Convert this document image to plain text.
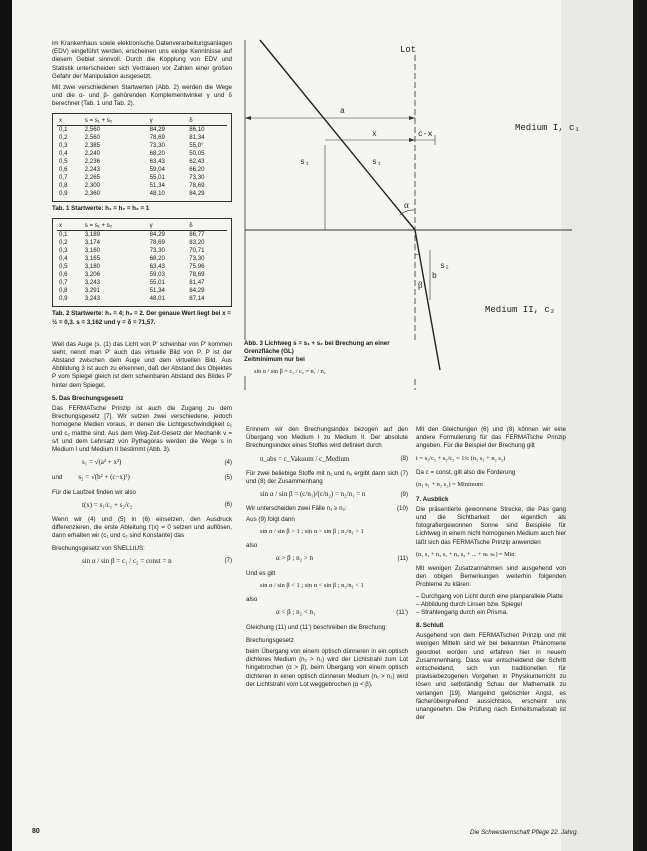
im Krankenhaus sowie elektronische Datenverarbeitungsanlagen (EDV) eingeführt werden, erscheinen uns einige Kenntnisse auf diesem Gebiet sinnvoll. Durch die Kopplung von EDV und Statistik unterscheiden sich Vertrauen vor Zahlen einer großen Gefahr der Manipulation ausgesetzt.

Mit zwei verschiedenen Startwerten (Abb. 2) werden die Wege und die α- und β- gehörenden Komplementwinkel γ und δ berechnet (Tab. 1 und Tab. 2).

x	s = s₁ + s₂	γ	δ
0,1	2,560	84,29	86,10
0,2	2,560	78,69	81,34
0,3	2,385	73,30	55,0°
0,4	2,240	68,20	50,05
0,5	2,236	63,43	62,43
0,6	2,243	59,04	66,20
0,7	2,265	55,01	73,30
0,8	2,300	51,34	78,69
0,9	2,360	48,10	84,29
Tab. 1 Startwerte: h₁ = h₂ = h₃ = 1
x	s = s₁ + s₂	γ	δ
0,1	3,189	84,29	86,77
0,2	3,174	78,69	83,20
0,3	3,160	73,30	70,71
0,4	3,165	68,20	73,30
0,5	3,180	63,43	75,96
0,6	3,206	59,03	78,69
0,7	3,243	55,01	81,47
0,8	3,291	51,34	84,29
0,9	3,243	48,01	87,14
Tab. 2 Startwerte: h₁ = 4; h₂ = 2. Der genaue Wert liegt bei x = ½ = 0,3. s = 3,162 und γ = δ = 71,57.

Weil das Auge (s. (1) das Licht von P' scheinbar von P' kommen sieht, nennt man P' auch das virtuelle Bild von P. P ist der Abstand zwischen dem Auge und dem virtuellen Bild. Aus Abbildung 3 ist auch zu erkennen, daß der Abstand des Objektes P vom Spiegel gleich ist dem scheinbaren Abstand des Bildes P' hinter dem Spiegel.

5. Das Brechungsgesetz

Das FERMATsche Prinzip ist auch die Zugang zu dem Brechungsgesetz [7]. Wir setzen zwei verschiedene, jedoch homogene Medien voraus, in denen die Lichtgeschwindigkeit c₁ und c₂ matthe sind. Aus dem Weg-Zeit-Gesetz der Mechanik v = s/t und dem Lehrsatz von Pythagoras werden die Wege s in Medium I und Medium II bestimmt (Abb. 3).

s₁ = √(a² + x²)	(4)
und s₂ = √(b² + (c−x)²)	(5)

Für die Laufzeit finden wir also

t(x) = s₁/c₁ + s₂/c₂	(6)

Wenn wir (4) und (5) in (6) einsetzen, den Ausdruck differenzieren, die erste Ableitung t'(x) = 0 setzen und auflösen, dann erhalten wir (c₁ und c₂ sind Konstante) das

Brechungsgesetz von SNELLIUS:

sin α / sin β = c₁ / c₂ = const = n	(7)
Lot
a
x	c-x
Medium I, c₁
Medium II, c₂
s₁	s₁
s₂
α
β
b
Abb. 3 Lichtweg s = s₁ + s₂ bei Brechung an einer Grenzfläche (GL)
Zeitminimum nur bei
sin α / sin β = c₁ / c₂ = n₁ / n₂

Erinnern wir den Brechungsindex bezogen auf den Übergang von Medium I zu Medium II. Der absolute Brechungsindex eines Stoffes wird definiert durch

n_abs = c_Vakuum / c_Medium	(8)

Für zwei beliebige Stoffe mit n₁ und n₂ ergibt dann sich (7) und (8) der Zusammenhang

sin α / sin β = (c/n₁)/(c/n₂) = n₂/n₁ = n	(9)
Wir unterscheiden zwei Fälle n₁ ≥ n₂:	(10)

Aus (9) folgt dann

sin α / sin β > 1 ; sin α > sin β ; n₂/n₁ > 1

also

α > β ; n₂ > n	(11)

Und es gilt

sin α / sin β < 1 ; sin α < sin β ; n₂/n₁ < 1

also

α < β ; n₂ < n₁	(11')

Gleichung (11) und (11') beschreiben die Brechung:

Brechungsgesetz

beim Übergang von einem optisch dünneren in ein optisch dichteres Medium (n₂ > n₁) wird der Lichtstrahl zum Lot hingebrochen (α > β), beim Übergang von einem optisch dichteren in einen optisch dünneren Medium (n₁ > n₂) wird der Lichtstrahl vom Lot weggebrochen (α < β).

Mit den Gleichungen (6) und (8) können wir eine andere Formulierung für das FERMATsche Prinzip angeben. Für die Beispiel der Brechung gilt

t = s₁/c₁ + s₂/c₂ = 1/c (n₁ s₁ + n₂ s₂)

Da c = const, gilt also die Forderung

(n₁ s₁ + n₂ s₂) = Minimum
7. Ausblick

Die präsentierte gewonnene Strecke, die Pas gang und die Sichtbarkeit der eigentlich als fotografiergewonnen Sonne sind Beispiele für Lichtweg in einem nicht homogenen Medium auch hier läßt sich das FERMATsche Prinzip anwenden

(n₁ s₁ + n₂ s₂ + n₃ s₃ + ... + nₖ sₖ) = Min.

Mit wenigen Zusatzannahmen sind ausgehend von den obigen Bemerkungen weiterhin folgenden Probleme zu klären:

– Durchgang von Licht durch eine planparallele Platte

– Abbildung durch Linsen bzw. Spiegel

– Strahlengang durch ein Prisma.

8. Schluß

Ausgehend von dem FERMATschen Prinzip und mit wenigen Mitteln sind wir bei bekannten Phänomene geordnet worden und erfahren hier in neuem Zusammenhang. Dass war entscheidend der Schritt entscheidend, sich von traditionellen für pravisiebezogenen Vorgehen in Physikunterricht zu lösen und selbständig Schau der Mathematik zu verlangen [19]. Mangelnd gelöschter Angst, es fächerübergreifend aussichtslos, erscheint uns unangenehm. Die Prüfung nach Einheitsmaßstab ist der

80	Die Schwesternschaft Pflege 22. Jahrg.
